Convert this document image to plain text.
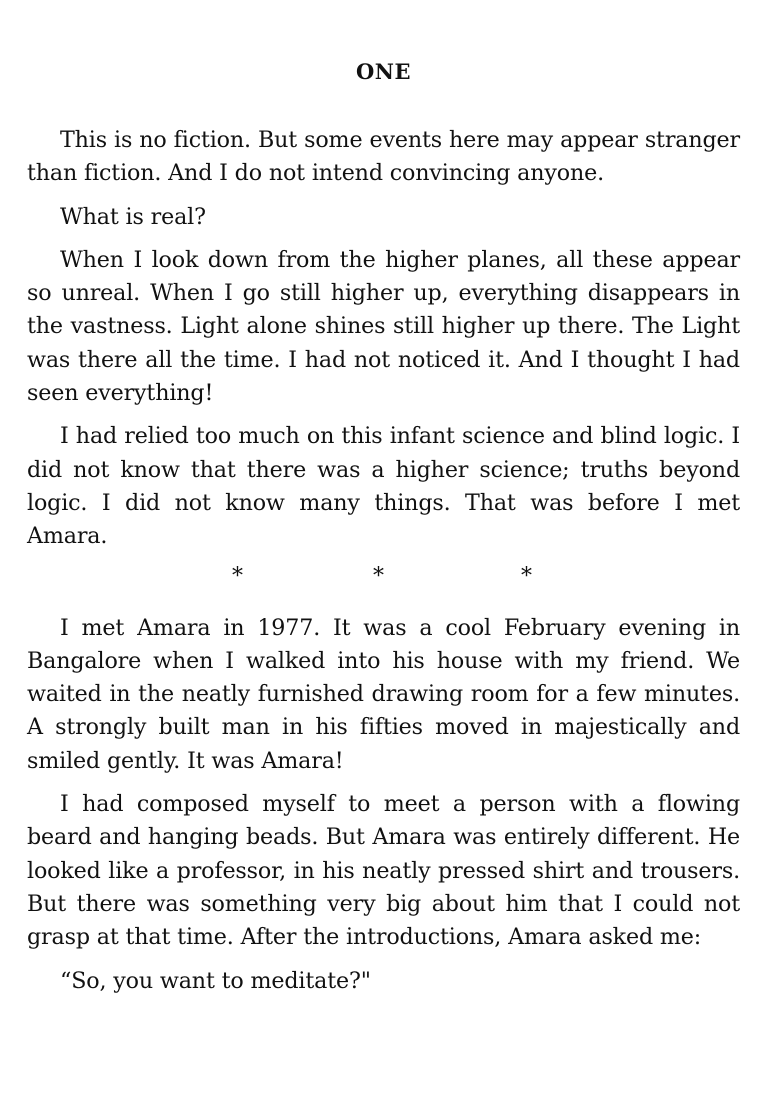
ONE

This is no fiction. But some events here may appear stranger than fiction. And I do not intend convincing anyone.

What is real?

When I look down from the higher planes, all these appear so unreal. When I go still higher up, everything disappears in the vastness. Light alone shines still higher up there. The Light was there all the time. I had not noticed it. And I thought I had seen everything!

I had relied too much on this infant science and blind logic. I did not know that there was a higher science; truths beyond logic. I did not know many things. That was before I met Amara.

*	*	*

I met Amara in 1977. It was a cool February evening in Bangalore when I walked into his house with my friend. We waited in the neatly furnished drawing room for a few minutes. A strongly built man in his fifties moved in majestically and smiled gently. It was Amara!

I had composed myself to meet a person with a flowing beard and hanging beads. But Amara was entirely different. He looked like a professor, in his neatly pressed shirt and trousers. But there was something very big about him that I could not grasp at that time. After the introductions, Amara asked me:

“So, you want to meditate?"
